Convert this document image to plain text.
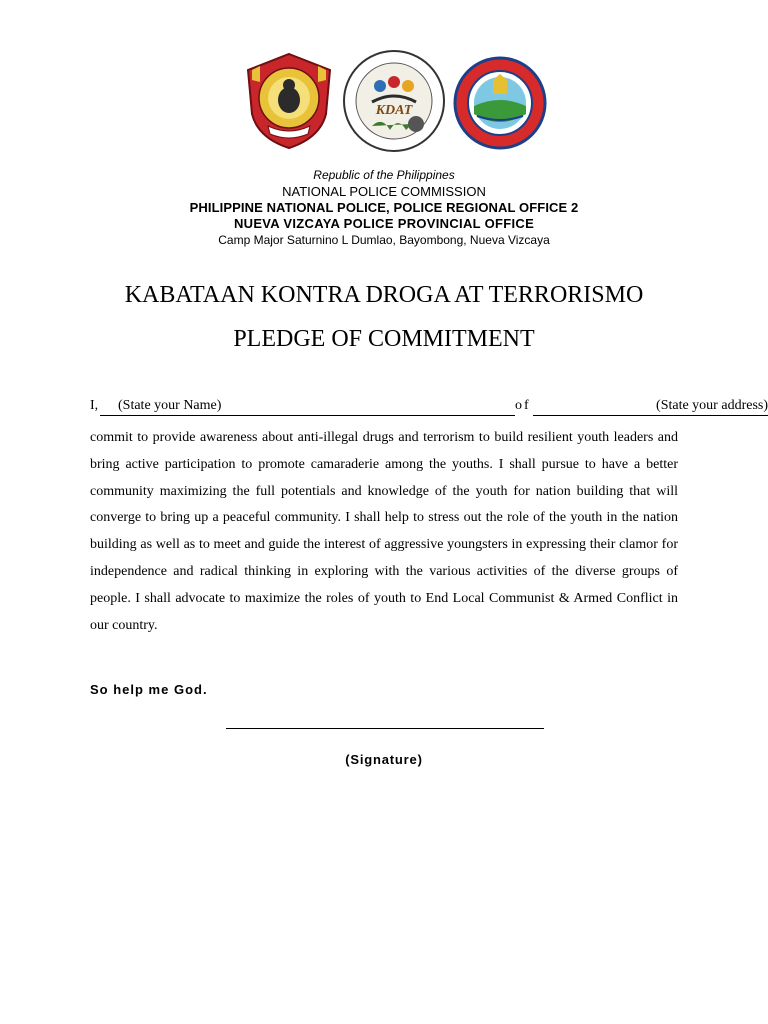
KDAT
Republic of the Philippines
NATIONAL POLICE COMMISSION
PHILIPPINE NATIONAL POLICE, POLICE REGIONAL OFFICE 2
NUEVA VIZCAYA POLICE PROVINCIAL OFFICE
Camp Major Saturnino L Dumlao, Bayombong, Nueva Vizcaya
KABATAAN KONTRA DROGA AT TERRORISMO
PLEDGE OF COMMITMENT
I,	(State your Name)	of	(State your address)
commit to provide awareness about anti-illegal drugs and terrorism to build resilient youth leaders and bring active participation to promote camaraderie among the youths. I shall pursue to have a better community maximizing the full potentials and knowledge of the youth for nation building that will converge to bring up a peaceful community. I shall help to stress out the role of the youth in the nation building as well as to meet and guide the interest of aggressive youngsters in expressing their clamor for independence and radical thinking in exploring with the various activities of the diverse groups of people. I shall advocate to maximize the roles of youth to End Local Communist & Armed Conflict in our country.
So help me God.
(Signature)
